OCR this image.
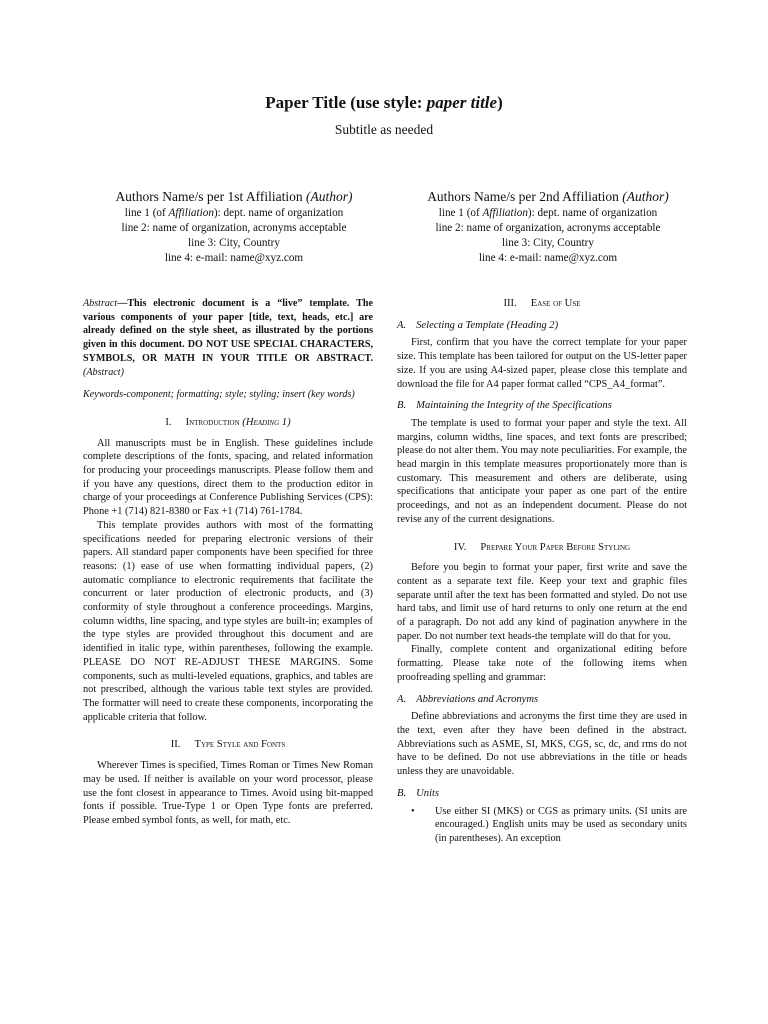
Paper Title (use style: paper title)
Subtitle as needed
Authors Name/s per 1st Affiliation (Author)
line 1 (of Affiliation): dept. name of organization
line 2: name of organization, acronyms acceptable
line 3: City, Country
line 4: e-mail: name@xyz.com
Authors Name/s per 2nd Affiliation (Author)
line 1 (of Affiliation): dept. name of organization
line 2: name of organization, acronyms acceptable
line 3: City, Country
line 4: e-mail: name@xyz.com

Abstract—This electronic document is a “live” template. The various components of your paper [title, text, heads, etc.] are already defined on the style sheet, as illustrated by the portions given in this document. DO NOT USE SPECIAL CHARACTERS, SYMBOLS, OR MATH IN YOUR TITLE OR ABSTRACT. (Abstract)

Keywords-component; formatting; style; styling; insert (key words)

I. Introduction (Heading 1)

All manuscripts must be in English. These guidelines include complete descriptions of the fonts, spacing, and related information for producing your proceedings manuscripts. Please follow them and if you have any questions, direct them to the production editor in charge of your proceedings at Conference Publishing Services (CPS): Phone +1 (714) 821-8380 or Fax +1 (714) 761-1784.

This template provides authors with most of the formatting specifications needed for preparing electronic versions of their papers. All standard paper components have been specified for three reasons: (1) ease of use when formatting individual papers, (2) automatic compliance to electronic requirements that facilitate the concurrent or later production of electronic products, and (3) conformity of style throughout a conference proceedings. Margins, column widths, line spacing, and type styles are built-in; examples of the type styles are provided throughout this document and are identified in italic type, within parentheses, following the example. PLEASE DO NOT RE-ADJUST THESE MARGINS. Some components, such as multi-leveled equations, graphics, and tables are not prescribed, although the various table text styles are provided. The formatter will need to create these components, incorporating the applicable criteria that follow.

II. Type Style and Fonts

Wherever Times is specified, Times Roman or Times New Roman may be used. If neither is available on your word processor, please use the font closest in appearance to Times. Avoid using bit-mapped fonts if possible. True-Type 1 or Open Type fonts are preferred. Please embed symbol fonts, as well, for math, etc.

III. Ease of Use
A. Selecting a Template (Heading 2)

First, confirm that you have the correct template for your paper size. This template has been tailored for output on the US-letter paper size. If you are using A4-sized paper, please close this template and download the file for A4 paper format called “CPS_A4_format”.

B. Maintaining the Integrity of the Specifications

The template is used to format your paper and style the text. All margins, column widths, line spaces, and text fonts are prescribed; please do not alter them. You may note peculiarities. For example, the head margin in this template measures proportionately more than is customary. This measurement and others are deliberate, using specifications that anticipate your paper as one part of the entire proceedings, and not as an independent document. Please do not revise any of the current designations.

IV. Prepare Your Paper Before Styling

Before you begin to format your paper, first write and save the content as a separate text file. Keep your text and graphic files separate until after the text has been formatted and styled. Do not use hard tabs, and limit use of hard returns to only one return at the end of a paragraph. Do not add any kind of pagination anywhere in the paper. Do not number text heads-the template will do that for you.

Finally, complete content and organizational editing before formatting. Please take note of the following items when proofreading spelling and grammar:

A. Abbreviations and Acronyms

Define abbreviations and acronyms the first time they are used in the text, even after they have been defined in the abstract. Abbreviations such as ASME, SI, MKS, CGS, sc, dc, and rms do not have to be defined. Do not use abbreviations in the title or heads unless they are unavoidable.

B. Units
• Use either SI (MKS) or CGS as primary units. (SI units are encouraged.) English units may be used as secondary units (in parentheses). An exception
